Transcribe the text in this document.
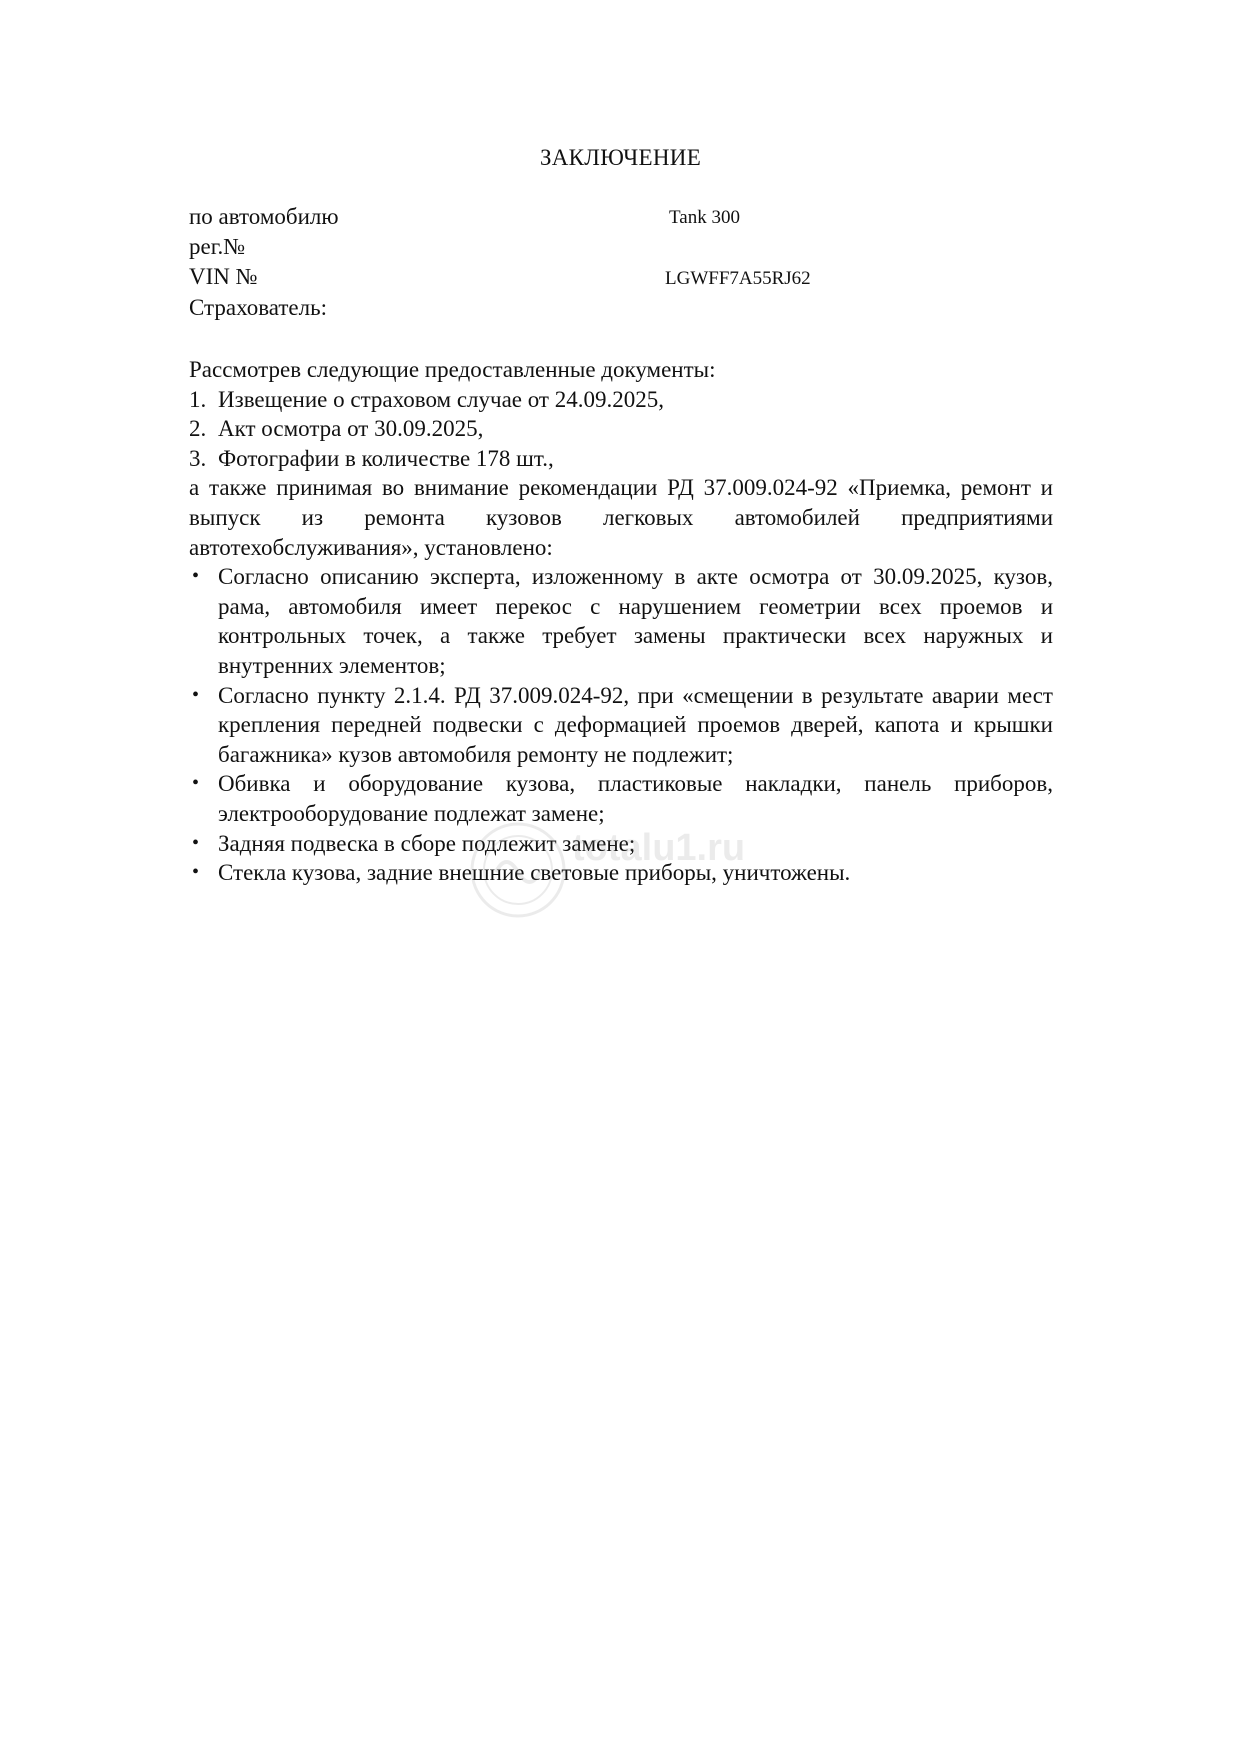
ЗАКЛЮЧЕНИЕ
по автомобилю	Tank 300
рег.№
VIN №	LGWFF7A55RJ62
Страхователь:

Рассмотрев следующие предоставленные документы:

1. Извещение о страховом случае от 24.09.2025,
2. Акт осмотра от 30.09.2025,
3. Фотографии в количестве 178 шт.,

а также принимая во внимание рекомендации РД 37.009.024-92 «Приемка, ремонт и выпуск из ремонта кузовов легковых автомобилей предприятиями автотехобслуживания», установлено:

• Согласно описанию эксперта, изложенному в акте осмотра от 30.09.2025, кузов, рама, автомобиля имеет перекос с нарушением геометрии всех проемов и контрольных точек, а также требует замены практически всех наружных и внутренних элементов;
• Согласно пункту 2.1.4. РД 37.009.024-92, при «смещении в результате аварии мест крепления передней подвески с деформацией проемов дверей, капота и крышки багажника» кузов автомобиля ремонту не подлежит;
• Обивка и оборудование кузова, пластиковые накладки, панель приборов, электрооборудование подлежат замене;
• Задняя подвеска в сборе подлежит замене;
• Стекла кузова, задние внешние световые приборы, уничтожены.
totalu1.ru
